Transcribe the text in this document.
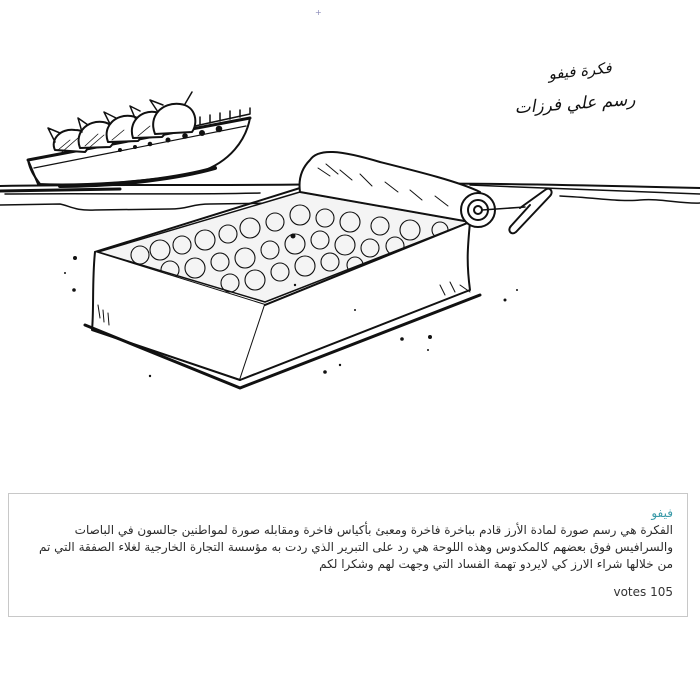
+
فكرة فيفو
رسم علي فرزات
فيفو
الفكرة هي رسم صورة لمادة الأرز قادم بباخرة فاخرة ومعبئ بأكياس فاخرة ومقابله صورة لمواطنين جالسون في الباصات والسرافيس فوق بعضهم كالمكدوس وهذه اللوحة هي رد على التبرير الذي ردت به مؤسسة التجارة الخارجية لغلاء الصفقة التي تم من خلالها شراء الارز كي لايردو تهمة الفساد التي وجهت لهم وشكرا لكم
votes 105
